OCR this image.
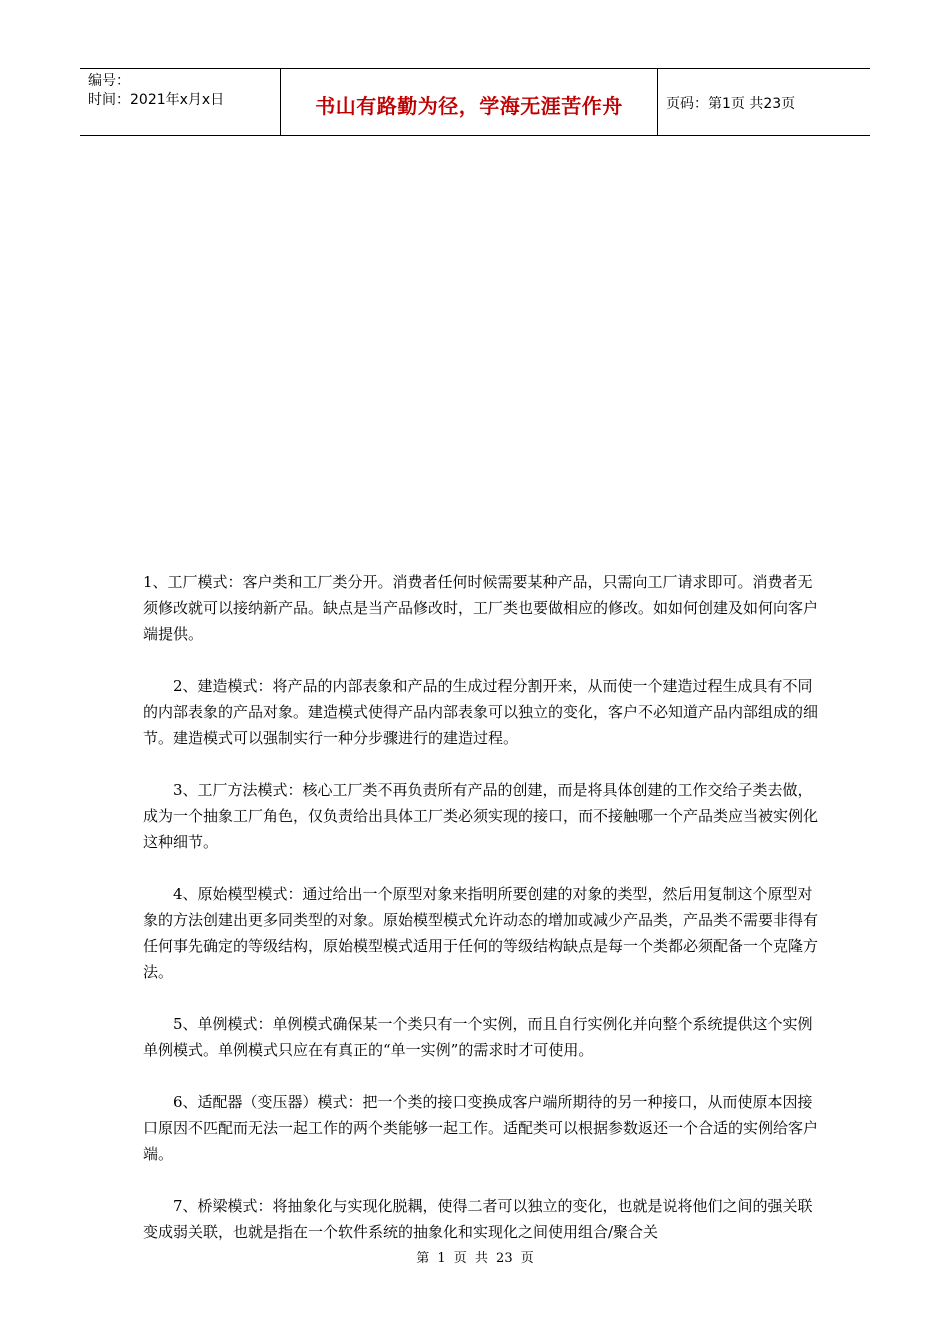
编号：
时间：2021年x月x日	书山有路勤为径，学海无涯苦作舟	页码：第1页 共23页

1、工厂模式：客户类和工厂类分开。消费者任何时候需要某种产品，只需向工厂请求即可。消费者无须修改就可以接纳新产品。缺点是当产品修改时，工厂类也要做相应的修改。如如何创建及如何向客户端提供。

2、建造模式：将产品的内部表象和产品的生成过程分割开来，从而使一个建造过程生成具有不同的内部表象的产品对象。建造模式使得产品内部表象可以独立的变化，客户不必知道产品内部组成的细节。建造模式可以强制实行一种分步骤进行的建造过程。

3、工厂方法模式：核心工厂类不再负责所有产品的创建，而是将具体创建的工作交给子类去做，成为一个抽象工厂角色，仅负责给出具体工厂类必须实现的接口，而不接触哪一个产品类应当被实例化这种细节。

4、原始模型模式：通过给出一个原型对象来指明所要创建的对象的类型，然后用复制这个原型对象的方法创建出更多同类型的对象。原始模型模式允许动态的增加或减少产品类，产品类不需要非得有任何事先确定的等级结构，原始模型模式适用于任何的等级结构缺点是每一个类都必须配备一个克隆方法。

5、单例模式：单例模式确保某一个类只有一个实例，而且自行实例化并向整个系统提供这个实例单例模式。单例模式只应在有真正的“单一实例”的需求时才可使用。

6、适配器（变压器）模式：把一个类的接口变换成客户端所期待的另一种接口，从而使原本因接口原因不匹配而无法一起工作的两个类能够一起工作。适配类可以根据参数返还一个合适的实例给客户端。

7、桥梁模式：将抽象化与实现化脱耦，使得二者可以独立的变化，也就是说将他们之间的强关联变成弱关联，也就是指在一个软件系统的抽象化和实现化之间使用组合/聚合关

第 1 页 共 23 页
